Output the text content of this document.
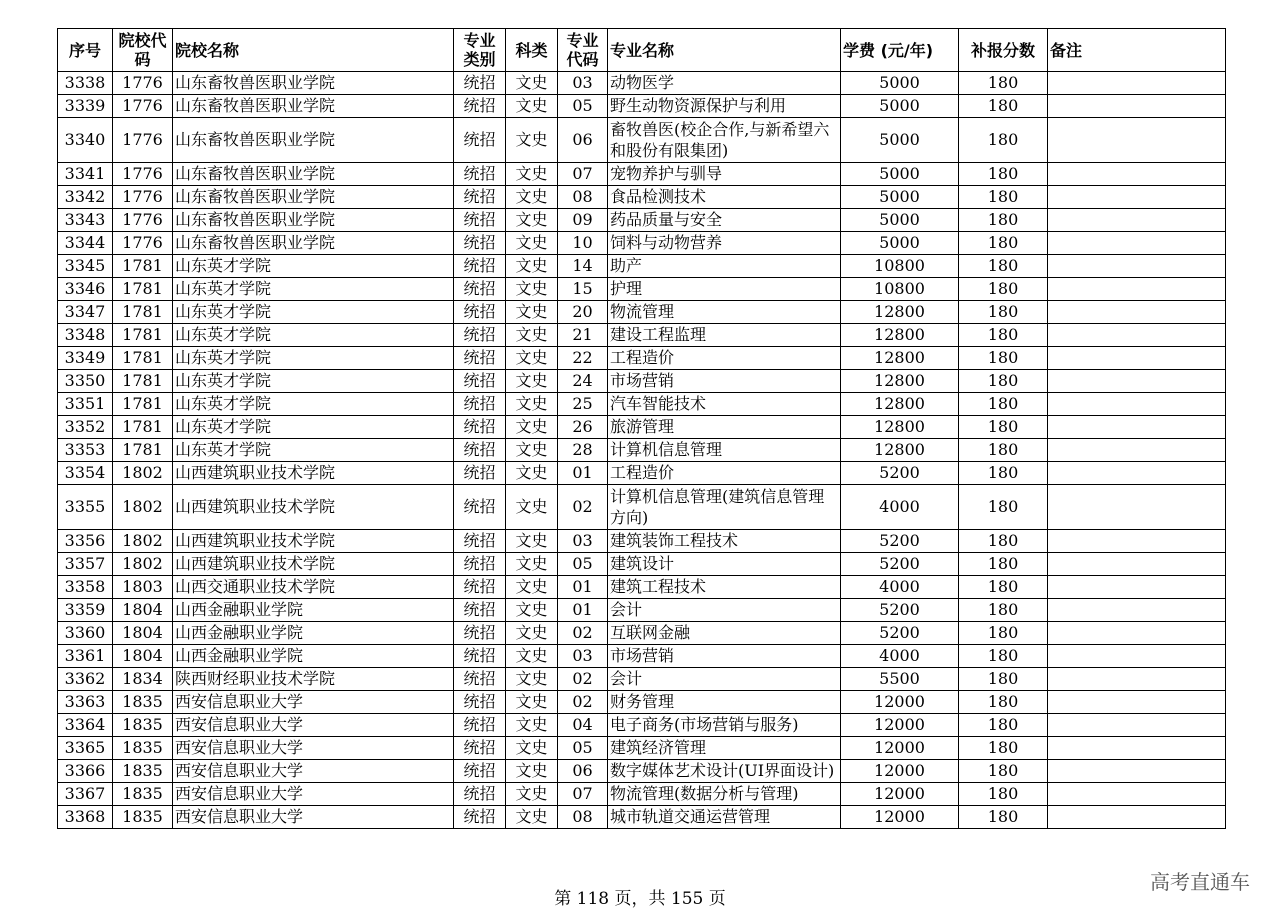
序号	院校代码	院校名称	专业类别	科类	专业代码	专业名称	学费 (元/年)	补报分数	备注
3338	1776	山东畜牧兽医职业学院	统招	文史	03	动物医学	5000	180	
3339	1776	山东畜牧兽医职业学院	统招	文史	05	野生动物资源保护与利用	5000	180	
3340	1776	山东畜牧兽医职业学院	统招	文史	06	畜牧兽医(校企合作,与新希望六和股份有限集团)	5000	180	
3341	1776	山东畜牧兽医职业学院	统招	文史	07	宠物养护与驯导	5000	180	
3342	1776	山东畜牧兽医职业学院	统招	文史	08	食品检测技术	5000	180	
3343	1776	山东畜牧兽医职业学院	统招	文史	09	药品质量与安全	5000	180	
3344	1776	山东畜牧兽医职业学院	统招	文史	10	饲料与动物营养	5000	180	
3345	1781	山东英才学院	统招	文史	14	助产	10800	180	
3346	1781	山东英才学院	统招	文史	15	护理	10800	180	
3347	1781	山东英才学院	统招	文史	20	物流管理	12800	180	
3348	1781	山东英才学院	统招	文史	21	建设工程监理	12800	180	
3349	1781	山东英才学院	统招	文史	22	工程造价	12800	180	
3350	1781	山东英才学院	统招	文史	24	市场营销	12800	180	
3351	1781	山东英才学院	统招	文史	25	汽车智能技术	12800	180	
3352	1781	山东英才学院	统招	文史	26	旅游管理	12800	180	
3353	1781	山东英才学院	统招	文史	28	计算机信息管理	12800	180	
3354	1802	山西建筑职业技术学院	统招	文史	01	工程造价	5200	180	
3355	1802	山西建筑职业技术学院	统招	文史	02	计算机信息管理(建筑信息管理方向)	4000	180	
3356	1802	山西建筑职业技术学院	统招	文史	03	建筑装饰工程技术	5200	180	
3357	1802	山西建筑职业技术学院	统招	文史	05	建筑设计	5200	180	
3358	1803	山西交通职业技术学院	统招	文史	01	建筑工程技术	4000	180	
3359	1804	山西金融职业学院	统招	文史	01	会计	5200	180	
3360	1804	山西金融职业学院	统招	文史	02	互联网金融	5200	180	
3361	1804	山西金融职业学院	统招	文史	03	市场营销	4000	180	
3362	1834	陕西财经职业技术学院	统招	文史	02	会计	5500	180	
3363	1835	西安信息职业大学	统招	文史	02	财务管理	12000	180	
3364	1835	西安信息职业大学	统招	文史	04	电子商务(市场营销与服务)	12000	180	
3365	1835	西安信息职业大学	统招	文史	05	建筑经济管理	12000	180	
3366	1835	西安信息职业大学	统招	文史	06	数字媒体艺术设计(UI界面设计)	12000	180	
3367	1835	西安信息职业大学	统招	文史	07	物流管理(数据分析与管理)	12000	180	
3368	1835	西安信息职业大学	统招	文史	08	城市轨道交通运营管理	12000	180	
第 118 页，共 155 页
高考直通车
